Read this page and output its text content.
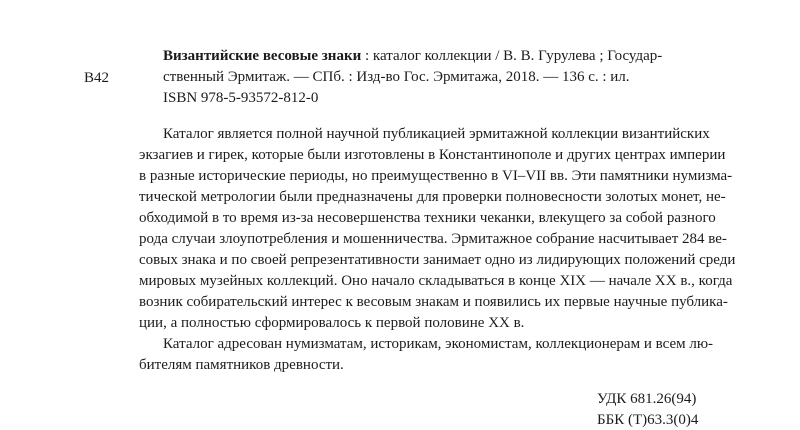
В42
Византийские весовые знаки : каталог коллекции / В. В. Гурулева ; Государ-
ственный Эрмитаж. — СПб. : Изд-во Гос. Эрмитажа, 2018. — 136 с. : ил.
ISBN 978-5-93572-812-0
Каталог является полной научной публикацией эрмитажной коллекции византийских
экзагиев и гирек, которые были изготовлены в Константинополе и других центрах империи
в разные исторические периоды, но преимущественно в VI–VII вв. Эти памятники нумизма-
тической метрологии были предназначены для проверки полновесности золотых монет, не-
обходимой в то время из-за несовершенства техники чеканки, влекущего за собой разного
рода случаи злоупотребления и мошенничества. Эрмитажное собрание насчитывает 284 ве-
совых знака и по своей репрезентативности занимает одно из лидирующих положений среди
мировых музейных коллекций. Оно начало складываться в конце XIX — начале XX в., когда
возник собирательский интерес к весовым знакам и появились их первые научные публика-
ции, а полностью сформировалось к первой половине XX в.
Каталог адресован нумизматам, историкам, экономистам, коллекционерам и всем лю-
бителям памятников древности.
УДК 681.26(94)
ББК (Т)63.3(0)4
